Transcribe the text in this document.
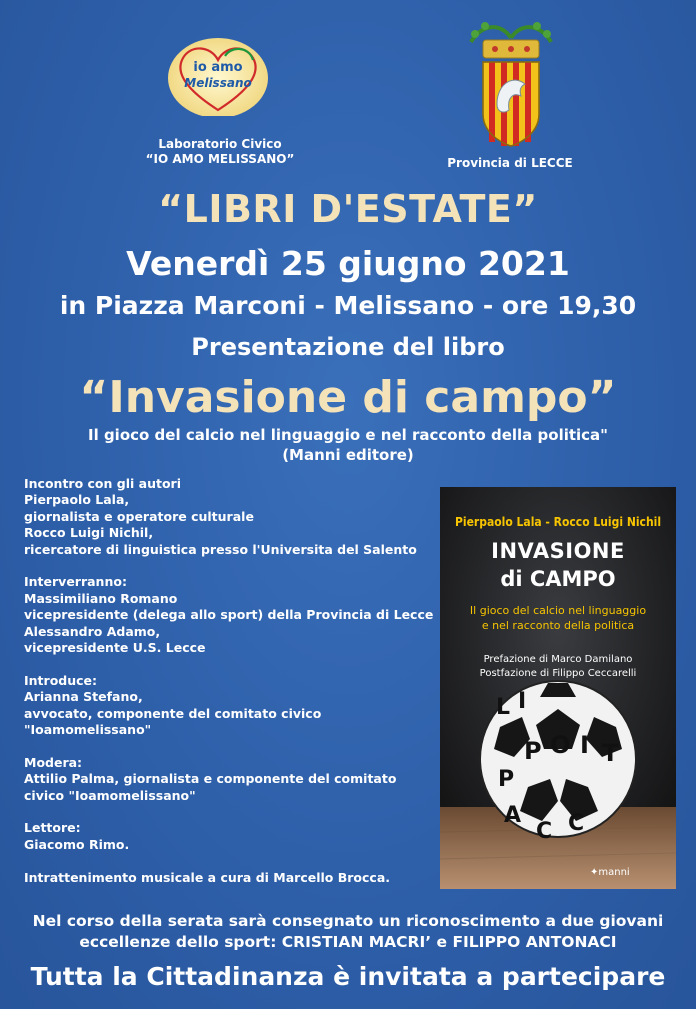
io amo
Melissano
Laboratorio Civico
“IO AMO MELISSANO”	Provincia di LECCE
“LIBRI D'ESTATE”
Venerdì 25 giugno 2021
in Piazza Marconi - Melissano - ore 19,30
Presentazione del libro
“Invasione di campo”
Il gioco del calcio nel linguaggio e nel racconto della politica"
(Manni editore)
Incontro con gli autori
Pierpaolo Lala,
giornalista e operatore culturale
Rocco Luigi Nichil,
ricercatore di linguistica presso l'Universita del Salento
Interverranno:
Massimiliano Romano
vicepresidente (delega allo sport) della Provincia di Lecce
Alessandro Adamo,
vicepresidente U.S. Lecce
Introduce:
Arianna Stefano,
avvocato, componente del comitato civico
"Ioamomelissano"
Modera:
Attilio Palma, giornalista e componente del comitato
civico "Ioamomelissano"
Lettore:
Giacomo Rimo.
Intrattenimento musicale a cura di Marcello Brocca.
Pierpaolo Lala - Rocco Luigi Nichil
INVASIONE
di CAMPO
Il gioco del calcio nel linguaggio
e nel racconto della politica
Prefazione di Marco Damilano
Postfazione di Filippo Ceccarelli
L I
P O I T
P
A
C C
✦manni
Nel corso della serata sarà consegnato un riconoscimento a due giovani
eccellenze dello sport: CRISTIAN MACRI’ e FILIPPO ANTONACI
Tutta la Cittadinanza è invitata a partecipare
